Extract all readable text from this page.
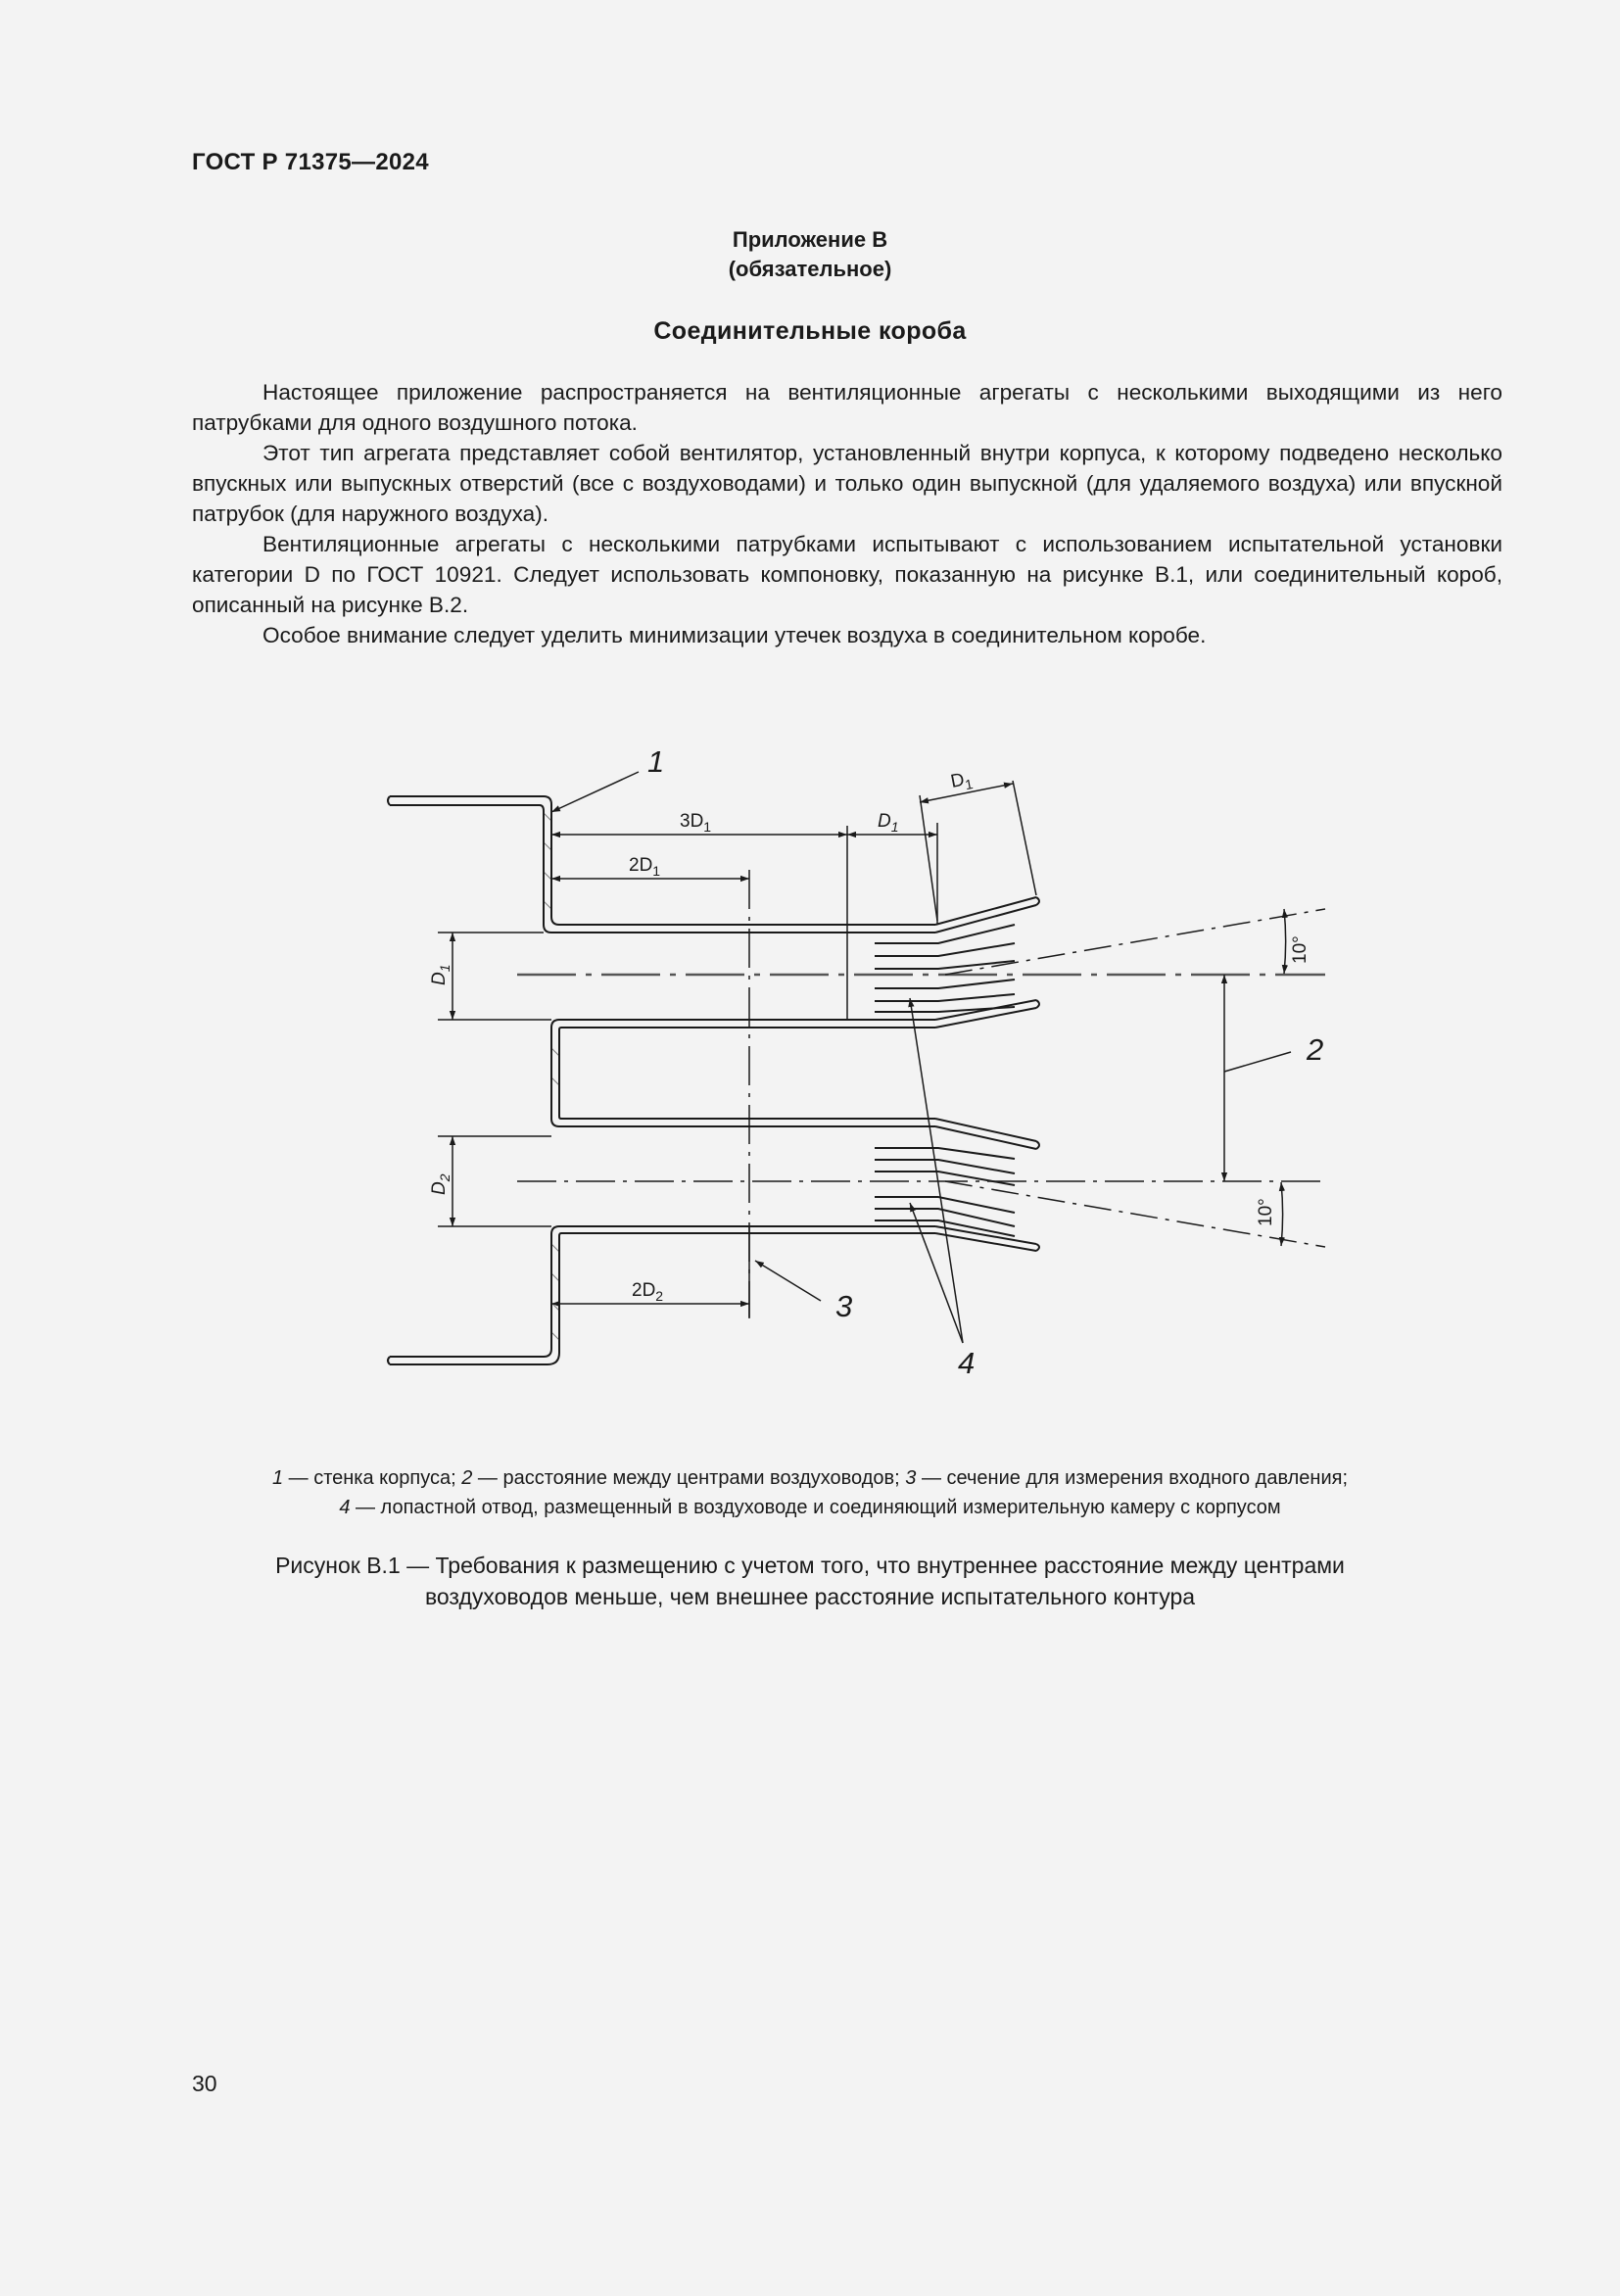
ГОСТ Р 71375—2024
Приложение В
(обязательное)
Соединительные короба

Настоящее приложение распространяется на вентиляционные агрегаты с несколькими выходящими из него патрубками для одного воздушного потока.

Этот тип агрегата представляет собой вентилятор, установленный внутри корпуса, к которому подведено несколько впускных или выпускных отверстий (все с воздуховодами) и только один выпускной (для удаляемого воздуха) или впускной патрубок (для наружного воздуха).

Вентиляционные агрегаты с несколькими патрубками испытывают с использованием испытательной установки категории D по ГОСТ 10921. Следует использовать компоновку, показанную на рисунке В.1, или соединительный короб, описанный на рисунке В.2.

Особое внимание следует уделить минимизации утечек воздуха в соединительном коробе.

$3D_1$	$D_1$
$2D_1$
$D_1$
$D_1$
$D_2$
$2D_2$
10°
10°
1
2
3
4
1 — стенка корпуса; 2 — расстояние между центрами воздуховодов; 3 — сечение для измерения входного давления;
4 — лопастной отвод, размещенный в воздуховоде и соединяющий измерительную камеру с корпусом
Рисунок В.1 — Требования к размещению с учетом того, что внутреннее расстояние между центрами
воздуховодов меньше, чем внешнее расстояние испытательного контура
30
